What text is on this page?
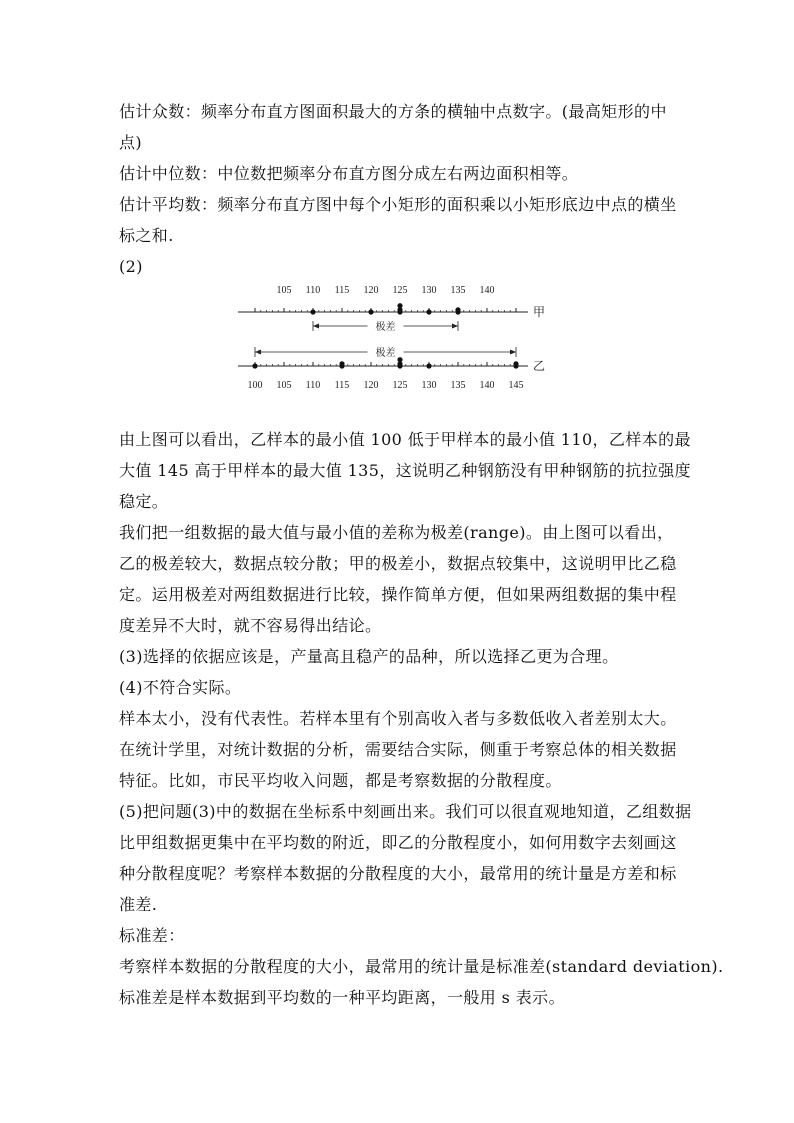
估计众数：频率分布直方图面积最大的方条的横轴中点数字。(最高矩形的中

点)

估计中位数：中位数把频率分布直方图分成左右两边面积相等。

估计平均数：频率分布直方图中每个小矩形的面积乘以小矩形底边中点的横坐

标之和.

(2)

105 110 115 120 125 130 135 140
甲
极差
极差
100 105 110 115 120 125 130 135 140 145
乙

由上图可以看出，乙样本的最小值 100 低于甲样本的最小值 110，乙样本的最

大值 145 高于甲样本的最大值 135，这说明乙种钢筋没有甲种钢筋的抗拉强度

稳定。

我们把一组数据的最大值与最小值的差称为极差(range)。由上图可以看出，

乙的极差较大，数据点较分散；甲的极差小，数据点较集中，这说明甲比乙稳

定。运用极差对两组数据进行比较，操作简单方便，但如果两组数据的集中程

度差异不大时，就不容易得出结论。

(3)选择的依据应该是，产量高且稳产的品种，所以选择乙更为合理。

(4)不符合实际。

样本太小，没有代表性。若样本里有个别高收入者与多数低收入者差别太大。

在统计学里，对统计数据的分析，需要结合实际，侧重于考察总体的相关数据

特征。比如，市民平均收入问题，都是考察数据的分散程度。

(5)把问题(3)中的数据在坐标系中刻画出来。我们可以很直观地知道，乙组数据

比甲组数据更集中在平均数的附近，即乙的分散程度小，如何用数字去刻画这

种分散程度呢？考察样本数据的分散程度的大小，最常用的统计量是方差和标

准差.

标准差：

考察样本数据的分散程度的大小，最常用的统计量是标准差(standard deviation).

标准差是样本数据到平均数的一种平均距离，一般用 s 表示。
